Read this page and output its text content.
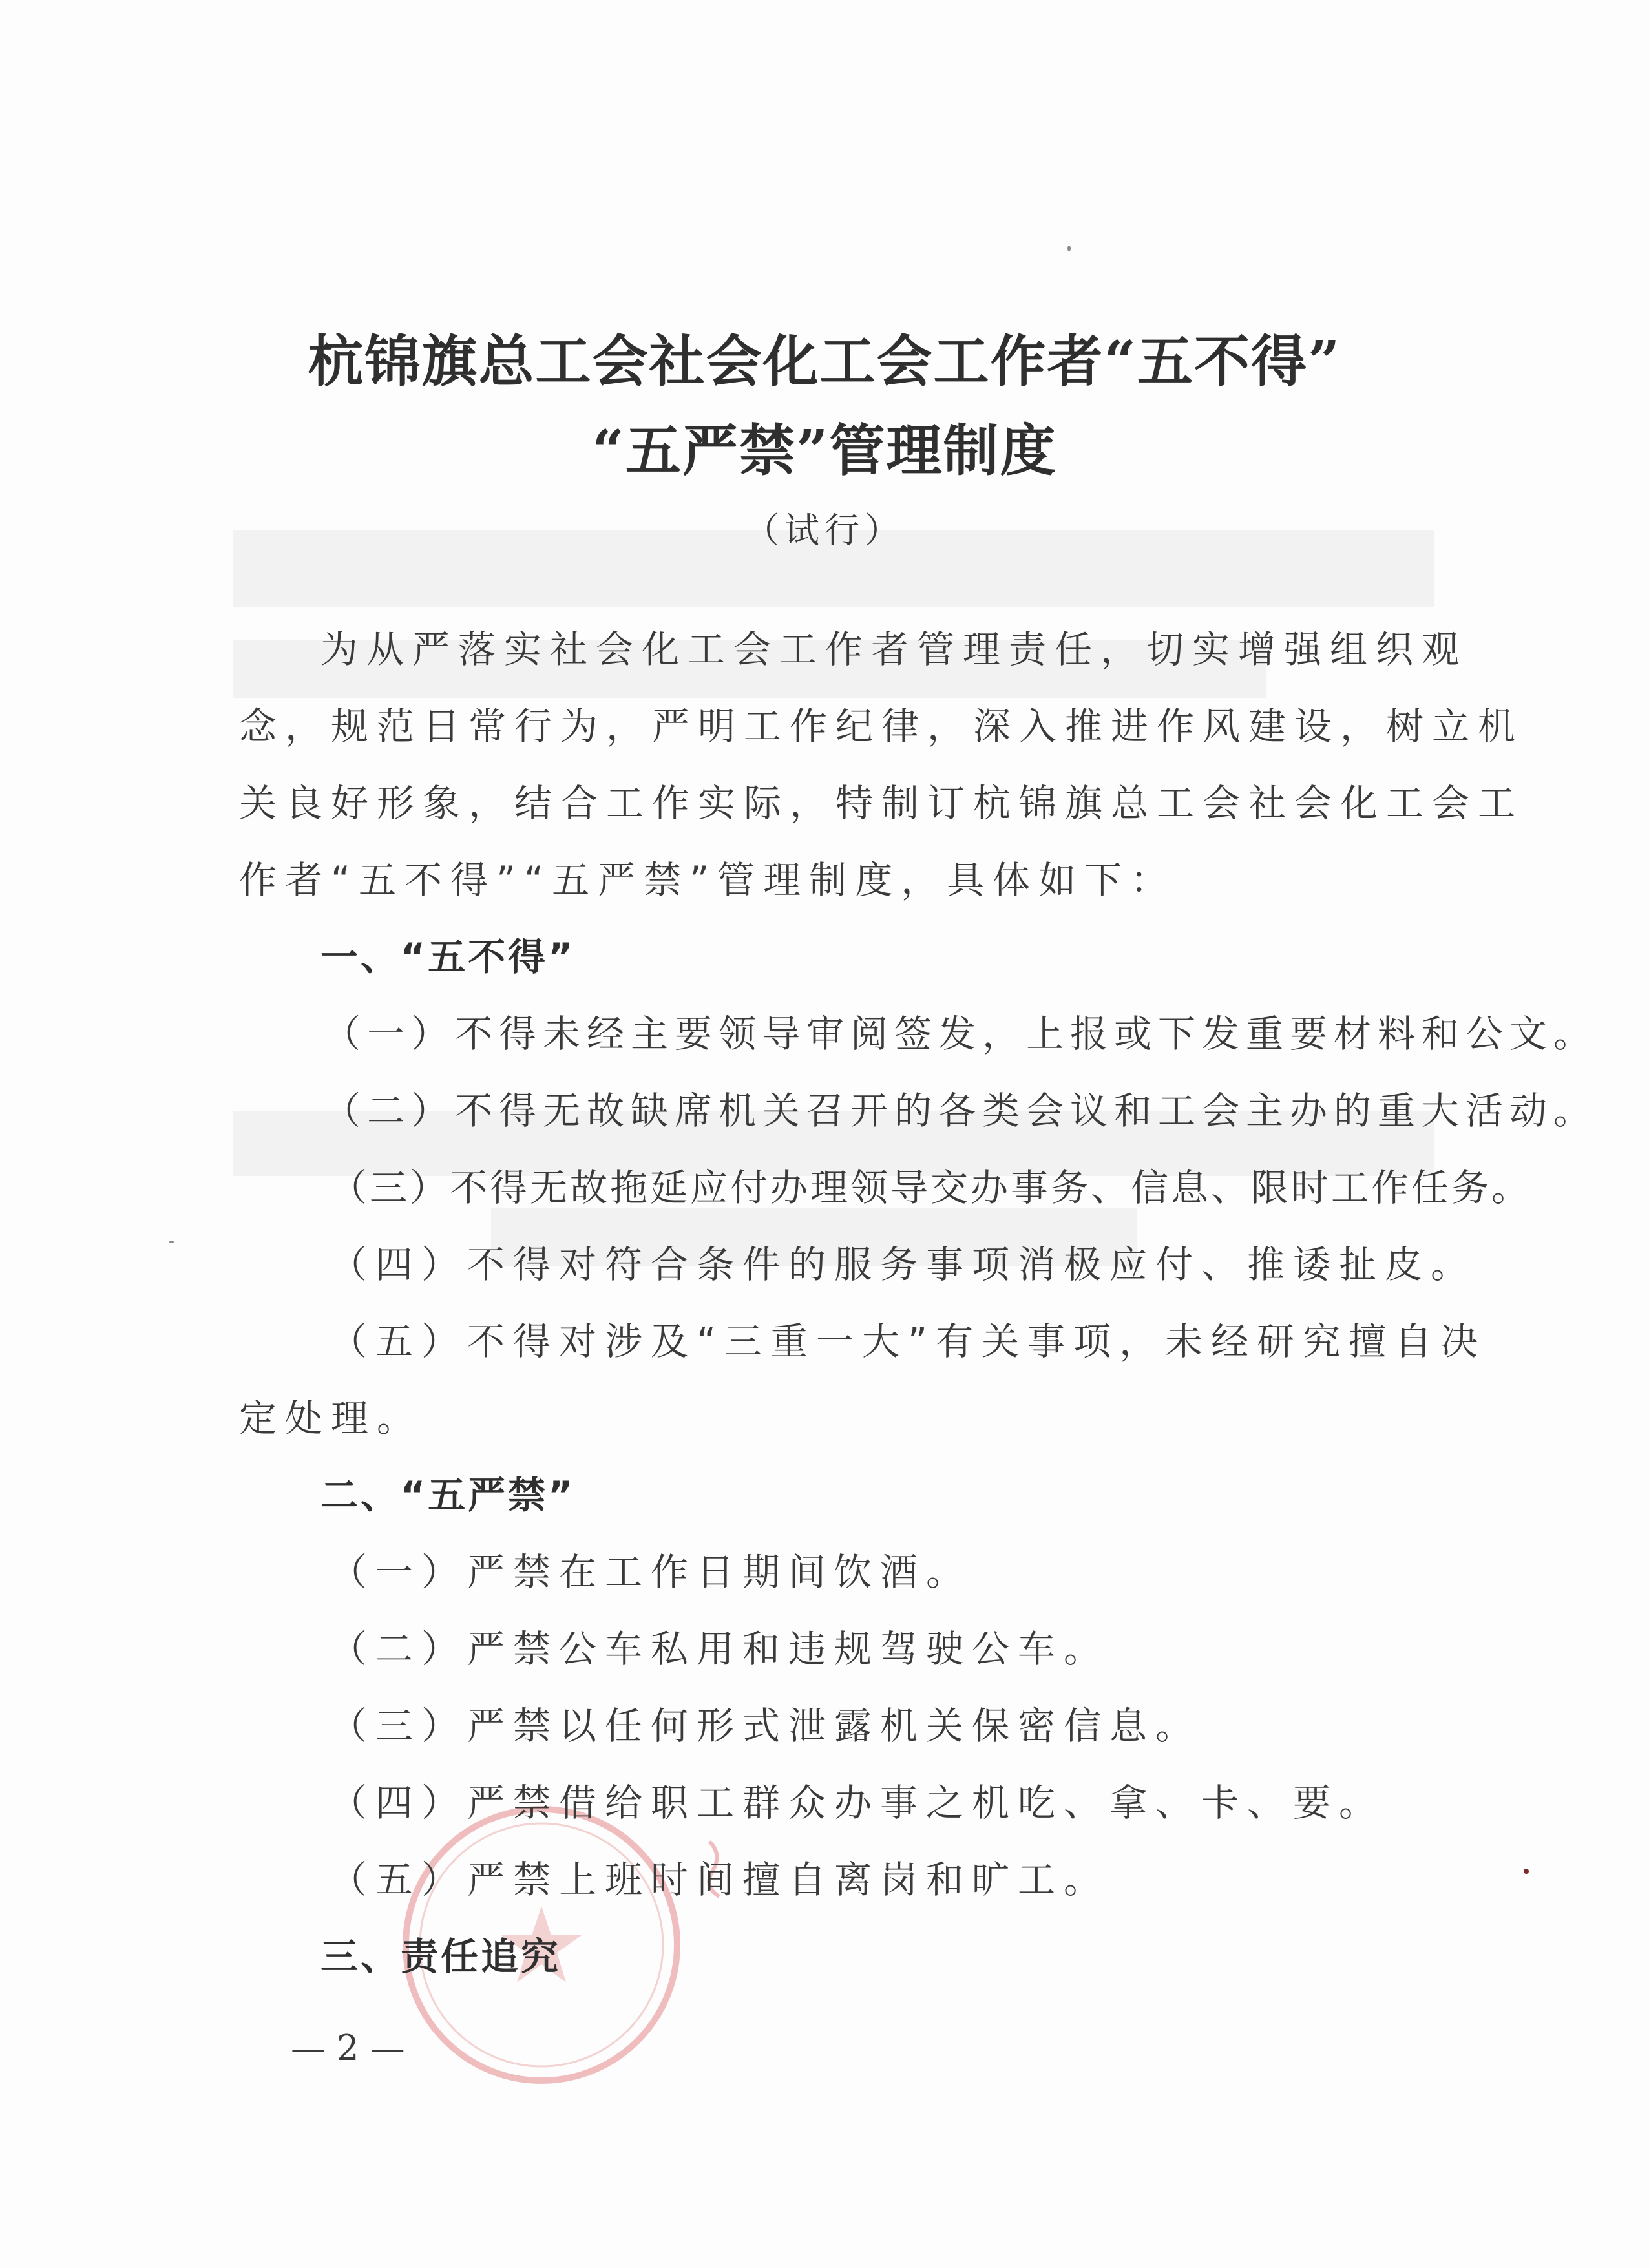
杭锦旗总工会社会化工会工作者“五不得”
“五严禁”管理制度
（试行）
为从严落实社会化工会工作者管理责任，切实增强组织观
念，规范日常行为，严明工作纪律，深入推进作风建设，树立机
关良好形象，结合工作实际，特制订杭锦旗总工会社会化工会工
作者“五不得”“五严禁”管理制度，具体如下：
一、“五不得”
（一）不得未经主要领导审阅签发，上报或下发重要材料和公文。
（二）不得无故缺席机关召开的各类会议和工会主办的重大活动。
（三）不得无故拖延应付办理领导交办事务、信息、限时工作任务。
（四）不得对符合条件的服务事项消极应付、推诿扯皮。
（五）不得对涉及“三重一大”有关事项，未经研究擅自决
定处理。
二、“五严禁”
（一）严禁在工作日期间饮酒。
（二）严禁公车私用和违规驾驶公车。
（三）严禁以任何形式泄露机关保密信息。
（四）严禁借给职工群众办事之机吃、拿、卡、要。
（五）严禁上班时间擅自离岗和旷工。
三、责任追究
— 2 —
